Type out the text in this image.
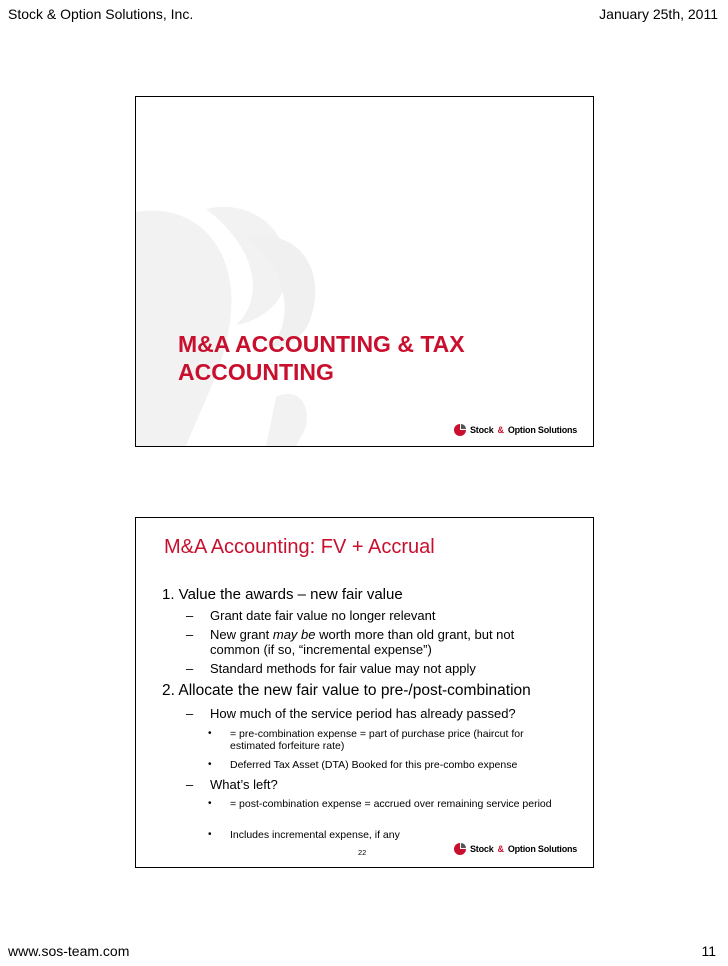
Stock & Option Solutions, Inc.	January 25th, 2011
M&A ACCOUNTING & TAX
ACCOUNTING
Stock & Option Solutions
M&A Accounting: FV + Accrual
1. Value the awards – new fair value
–	Grant date fair value no longer relevant
–	New grant may be worth more than old grant, but not common (if so, “incremental expense”)
–	Standard methods for fair value may not apply
2. Allocate the new fair value to pre-/post-combination
–	How much of the service period has already passed?
•	= pre-combination expense = part of purchase price (haircut for estimated forfeiture rate)
•	Deferred Tax Asset (DTA) Booked for this pre-combo expense
–	What’s left?
•	= post-combination expense = accrued over remaining service period
•	Includes incremental expense, if any
Stock & Option Solutions
22
www.sos-team.com	11
